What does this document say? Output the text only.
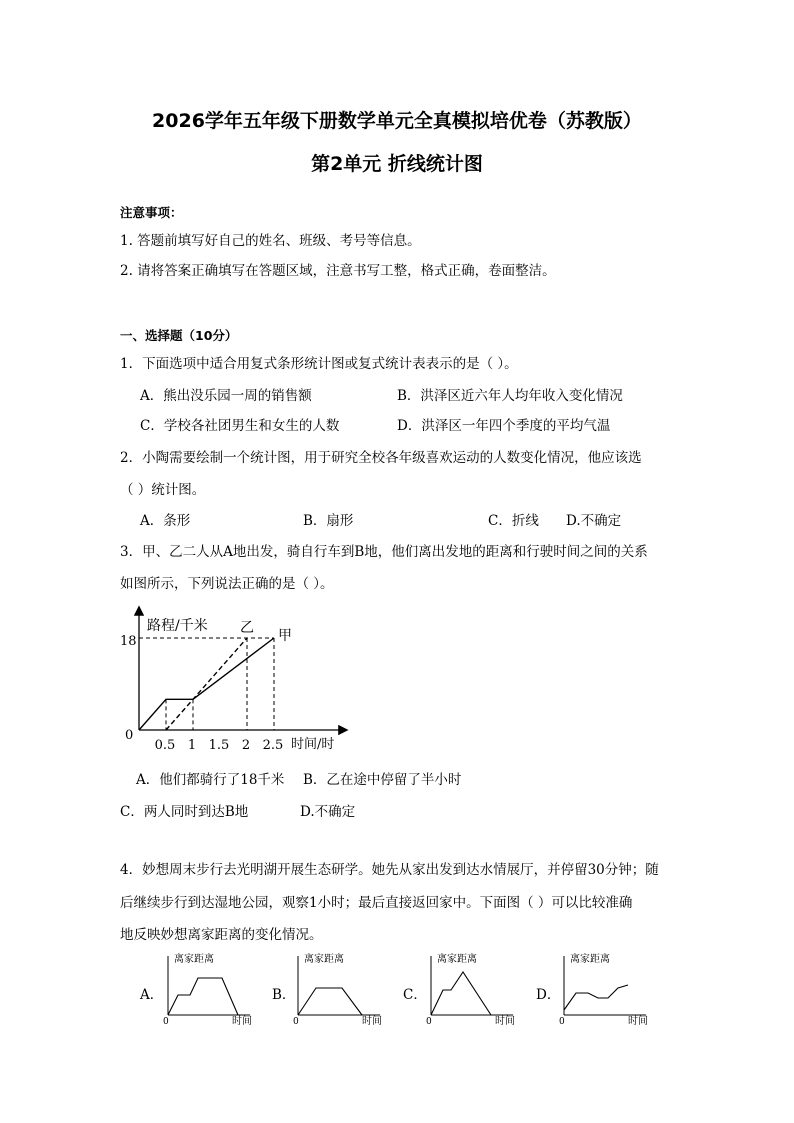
2026学年五年级下册数学单元全真模拟培优卷（苏教版）
第2单元 折线统计图
注意事项：
1. 答题前填写好自己的姓名、班级、考号等信息。
2. 请将答案正确填写在答题区域，注意书写工整，格式正确，卷面整洁。
一、选择题（10分）
1．下面选项中适合用复式条形统计图或复式统计表表示的是（ ）。
A．熊出没乐园一周的销售额	B．洪泽区近六年人均年收入变化情况
C．学校各社团男生和女生的人数	D．洪泽区一年四个季度的平均气温
2．小陶需要绘制一个统计图，用于研究全校各年级喜欢运动的人数变化情况，他应该选
（ ）统计图。
A．条形	B．扇形	C．折线 D.不确定
3．甲、乙二人从A地出发，骑自行车到B地，他们离出发地的距离和行驶时间之间的关系
如图所示，下列说法正确的是（ ）。
路程/千米
时间/时
18
0
乙 甲
0.5 1 1.5 2 2.5
A．他们都骑行了18千米 B．乙在途中停留了半小时
C．两人同时到达B地	D.不确定
4．妙想周末步行去光明湖开展生态研学。她先从家出发到达水情展厅，并停留30分钟；随
后继续步行到达湿地公园，观察1小时；最后直接返回家中。下面图（ ）可以比较准确
地反映妙想离家距离的变化情况。
A．	B．	C．	D．
离家距离
0	时间
离家距离
0	时间
离家距离
0	时间
离家距离
0	时间
